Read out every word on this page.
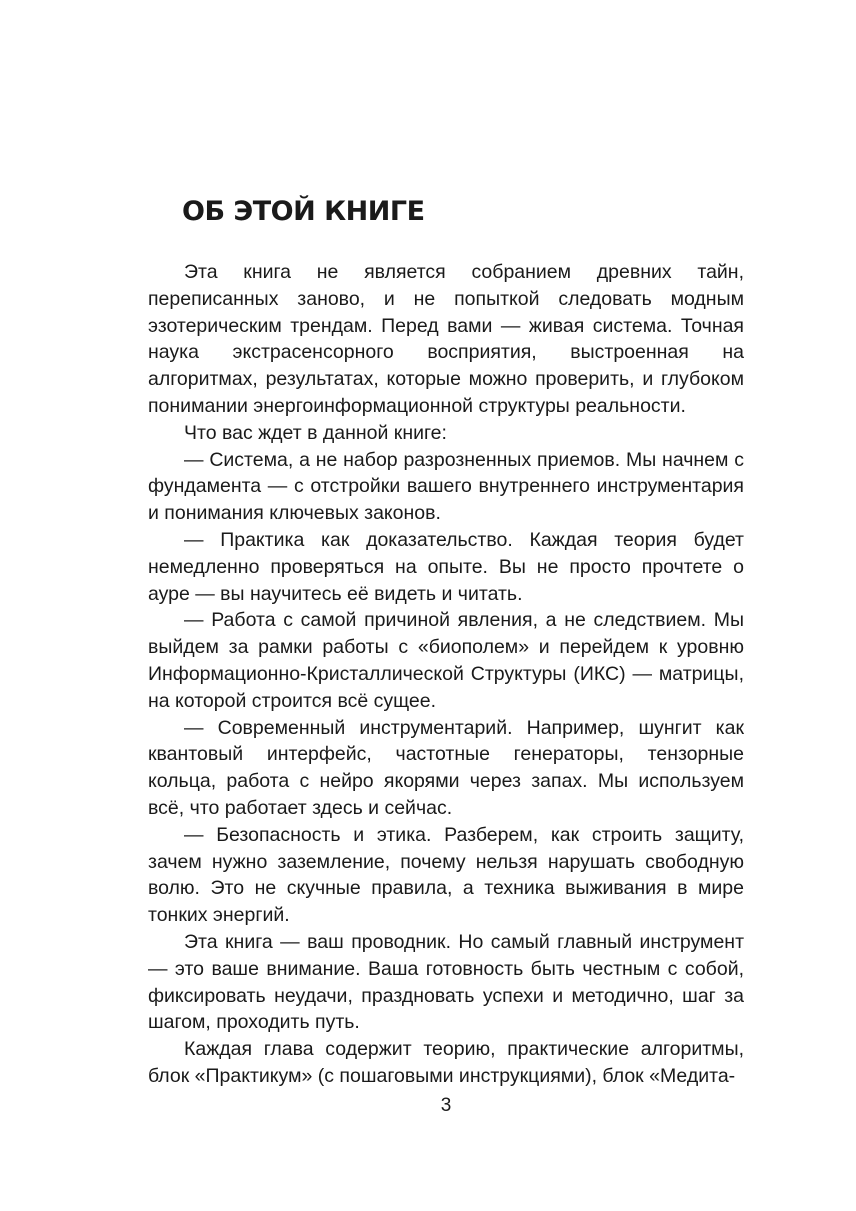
ОБ ЭТОЙ КНИГЕ

Эта книга не является собранием древних тайн, переписанных заново, и не попыткой следовать модным эзотерическим трендам. Перед вами — живая система. Точная наука экстрасенсорного восприятия, выстроенная на алгоритмах, результатах, которые можно проверить, и глубоком понимании энергоинформационной структуры реальности.

Что вас ждет в данной книге:

— Система, а не набор разрозненных приемов. Мы начнем с фундамента — с отстройки вашего внутреннего инструментария и понимания ключевых законов.

— Практика как доказательство. Каждая теория будет немедленно проверяться на опыте. Вы не просто прочтете о ауре — вы научитесь её видеть и читать.

— Работа с самой причиной явления, а не следствием. Мы выйдем за рамки работы с «биополем» и перейдем к уровню Информационно-Кристаллической Структуры (ИКС) — матрицы, на которой строится всё сущее.

— Современный инструментарий. Например, шунгит как квантовый интерфейс, частотные генераторы, тензорные кольца, работа с нейро якорями через запах. Мы используем всё, что работает здесь и сейчас.

— Безопасность и этика. Разберем, как строить защиту, зачем нужно заземление, почему нельзя нарушать свободную волю. Это не скучные правила, а техника выживания в мире тонких энергий.

Эта книга — ваш проводник. Но самый главный инструмент — это ваше внимание. Ваша готовность быть честным с собой, фиксировать неудачи, праздновать успехи и методично, шаг за шагом, проходить путь.

Каждая глава содержит теорию, практические алгоритмы, блок «Практикум» (с пошаговыми инструкциями), блок «Медита-

3
